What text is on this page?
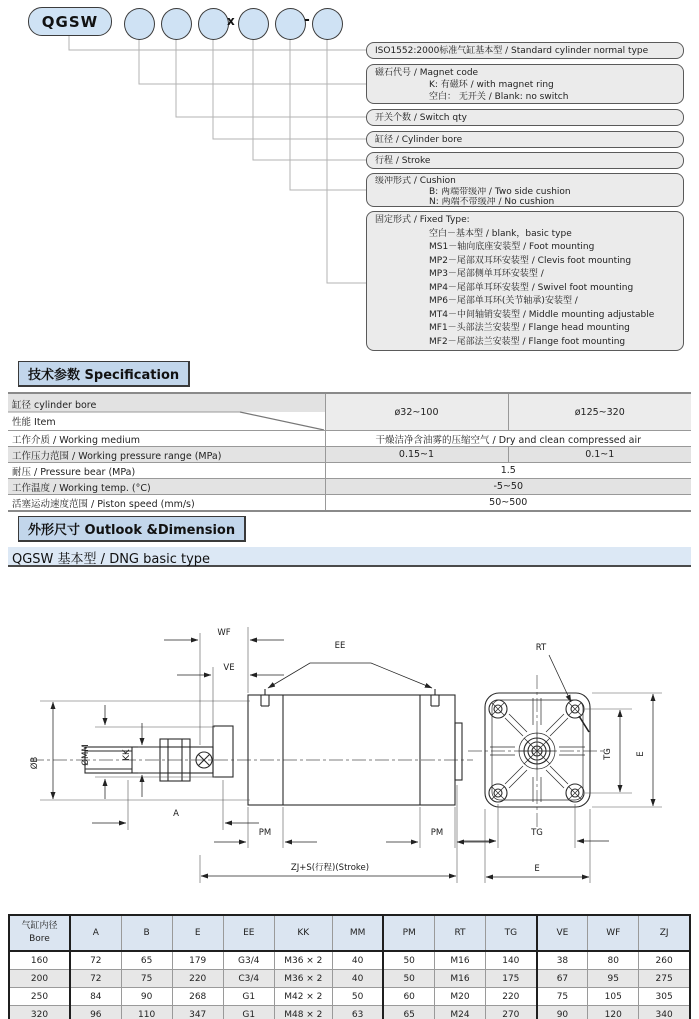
QGSW	x	-
ISO1552:2000标准气缸基本型 / Standard cylinder normal type
磁石代号 / Magnet code
K: 有磁环 / with magnet ring
空白： 无开关 / Blank: no switch
开关个数 / Switch qty
缸径 / Cylinder bore
行程 / Stroke
缓冲形式 / Cushion
B: 两端带缓冲 / Two side cushion
N: 两端不带缓冲 / No cushion
固定形式 / Fixed Type:
空白－基本型 / blank，basic type
MS1－轴向底座安装型 / Foot mounting
MP2－尾部双耳环安装型 / Clevis foot mounting
MP3－尾部侧单耳环安装型 /
MP4－尾部单耳环安装型 / Swivel foot mounting
MP6－尾部单耳环(关节轴承)安装型 /
MT4－中间轴销安装型 / Middle mounting adjustable
MF1－头部法兰安装型 / Flange head mounting
MF2－尾部法兰安装型 / Flange foot mounting
技术参数 Specification
缸径 cylinder bore
性能 Item	ø32~100	ø125~320
工作介质 / Working medium	干燥洁净含油雾的压缩空气 / Dry and clean compressed air	
工作压力范围 / Working pressure range (MPa)	0.15~1	0.1~1
耐压 / Pressure bear (MPa)	1.5	
工作温度 / Working temp. (°C)	-5~50	
活塞运动速度范围 / Piston speed (mm/s)	50~500	
外形尺寸 Outlook &Dimension
QGSW 基本型 / DNG basic type
WF
VE
EE
ØB	ØMM	KK
A
PM	PM
ZJ+S(行程)(Stroke)
RT
TG	E
TG
E
气缸内径
Bore	A	B	E	EE	KK	MM	PM	RT	TG	VE	WF	ZJ
160	72	65	179	G3/4	M36 × 2	40	50	M16	140	38	80	260
200	72	75	220	C3/4	M36 × 2	40	50	M16	175	67	95	275
250	84	90	268	G1	M42 × 2	50	60	M20	220	75	105	305
320	96	110	347	G1	M48 × 2	63	65	M24	270	90	120	340
